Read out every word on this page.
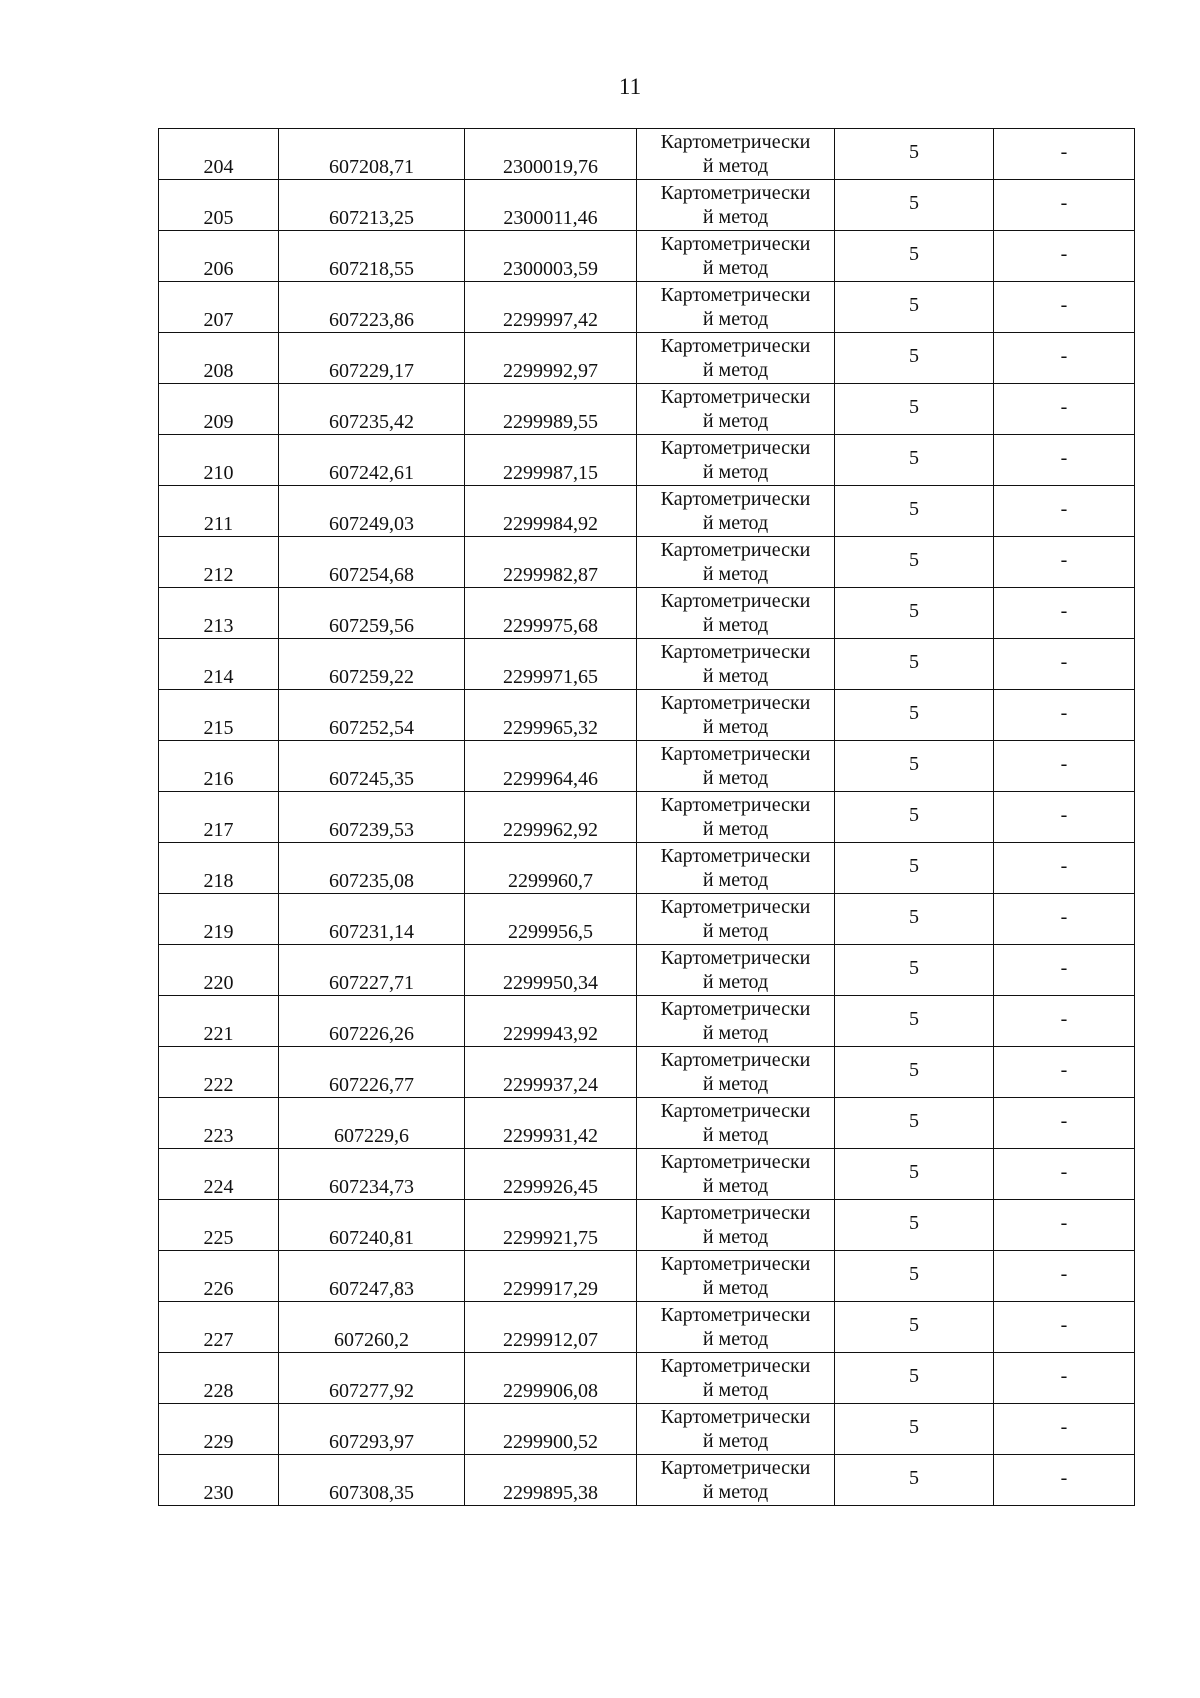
11
204	607208,71	2300019,76	Картометрически
й метод	5	-
205	607213,25	2300011,46	Картометрически
й метод	5	-
206	607218,55	2300003,59	Картометрически
й метод	5	-
207	607223,86	2299997,42	Картометрически
й метод	5	-
208	607229,17	2299992,97	Картометрически
й метод	5	-
209	607235,42	2299989,55	Картометрически
й метод	5	-
210	607242,61	2299987,15	Картометрически
й метод	5	-
211	607249,03	2299984,92	Картометрически
й метод	5	-
212	607254,68	2299982,87	Картометрически
й метод	5	-
213	607259,56	2299975,68	Картометрически
й метод	5	-
214	607259,22	2299971,65	Картометрически
й метод	5	-
215	607252,54	2299965,32	Картометрически
й метод	5	-
216	607245,35	2299964,46	Картометрически
й метод	5	-
217	607239,53	2299962,92	Картометрически
й метод	5	-
218	607235,08	2299960,7	Картометрически
й метод	5	-
219	607231,14	2299956,5	Картометрически
й метод	5	-
220	607227,71	2299950,34	Картометрически
й метод	5	-
221	607226,26	2299943,92	Картометрически
й метод	5	-
222	607226,77	2299937,24	Картометрически
й метод	5	-
223	607229,6	2299931,42	Картометрически
й метод	5	-
224	607234,73	2299926,45	Картометрически
й метод	5	-
225	607240,81	2299921,75	Картометрически
й метод	5	-
226	607247,83	2299917,29	Картометрически
й метод	5	-
227	607260,2	2299912,07	Картометрически
й метод	5	-
228	607277,92	2299906,08	Картометрически
й метод	5	-
229	607293,97	2299900,52	Картометрически
й метод	5	-
230	607308,35	2299895,38	Картометрически
й метод	5	-
